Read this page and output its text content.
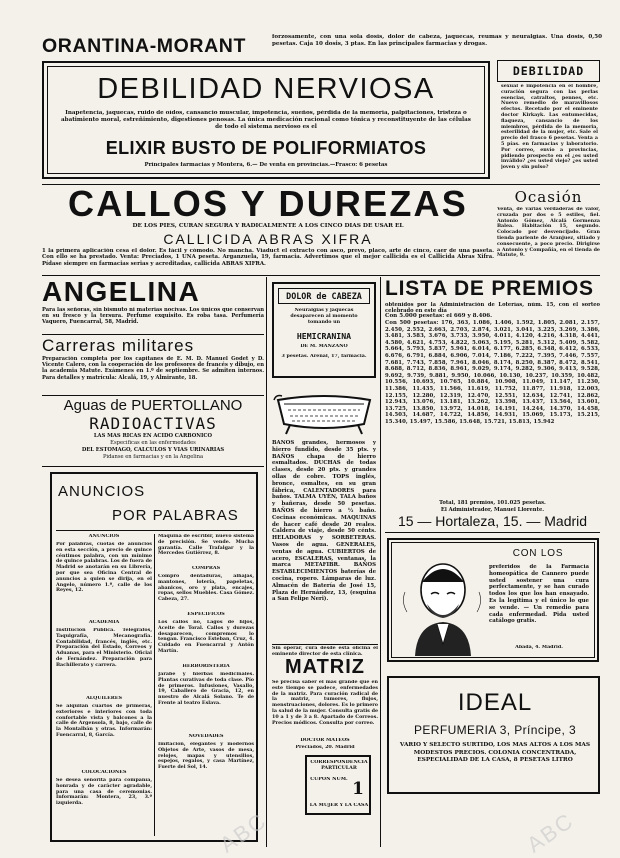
ORANTINA-MORANT	forzosamente, con una sola dosis, dolor de cabeza, jaquecas, reumas y neuralgias. Una dosis, 0,50 pesetas. Caja 10 dosis, 3 ptas. En las principales farmacias y drogas.
DEBILIDAD NERVIOSA
Inapetencia, jaquecas, ruido de oídos, cansancio muscular, impotencia, sueños, pérdida de la memoria, palpitaciones, tristeza o abatimiento moral, estreñimiento, digestiones penosas. La única medicación racional como tónica y reconstituyente de las células de todo el sistema nervioso es el
ELIXIR BUSTO DE POLIFORMIATOS
Principales farmacias y Montera, 6.— De venta en provincias.—Frasco: 6 pesetas
DEBILIDAD
sexual e impotencia en el hombre, curación segura con las perlas esencias, catraltos, pennes, etc. Nuevo remedio de maravillosos efectos. Recetado por el eminente doctor Kirkayk. Las entumecidas, flaqueza, cansancio de los miembros, pérdida de la memoria, esterilidad de la mujer, etc. Sale el precio del frasco 6 pesetas. Venta a 5 pías. en farmacias y laboratorio. Por correo, envío a provincias, pidiendo prospecto en el ¿es usted inválido? ¿es usted viejo? ¿es usted joven y sin pulso?
CALLOS Y DUREZAS
DE LOS PIES, CURAN SEGURA Y RADICALMENTE A LOS CINCO DIAS DE USAR EL
CALLICIDA ABRAS XIFRA
1 la primera aplicación cesa el dolor. Es fácil y cómodo. No mancha. Viaduct el extracto con asco, prevo, placo, arte de cinco, caer de una paseta. Con ello se ha prestado. Venta: Preciados, 1 UNA peseta. Arganzuela, 19, farmacia. Advertimos que el mejor callicida es el Callicida Abras Xifra. Pídase siempre en farmacias serias y acreditadas, callicida ABRAS XIFRA.
Ocasión
Venta, de varias verdaderas de valor, cruzada por dos o 5 estiles, fiel. Antonio Gómez, Alcalá Gormenza Balea. Habitación 15, segundo. Colocado por desvencijado. Gran tienda pariente de Aranjuez, sitiado y consecuente, a poco precio. Dirigirse a Antonio y Compañía, en el tienda de Matute, 9.
ANGELINA
Para las señoras, sin bismuto ni materias nocivas. Los únicos que conservan en su fresco y la tersura. Perfume exquisito. Es roba tasa. Perfumería Vaquero, Fuencarral, 58, Madrid.
Carreras militares
Preparación completa por los capitanes de E. M. D. Manuel Godet y D. Vicente Calero, con la cooperación de los profesores de francés y dibujo, en la academia Matute. Exámenes en 1.º de septiembre. Se admiten internos. Para detalles y matrícula: Alcalá, 19, y Almirante, 18.
Aguas de PUERTOLLANO
RADIOACTIVAS
LAS MAS RICAS EN ACIDO CARBONICO
Específicas en las enfermedades
DEL ESTOMAGO, CALCULOS Y VIAS URINARIAS
Pídanse en farmacias y en la Angelina
ANUNCIOS
POR PALABRAS
ANUNCIOS
Por palabras, cuotas de anuncios en esta sección, a precio de quince céntimos palabra, con un mínimo de quince palabras. Los de fuera de Madrid se anotarán en su Librería, por que sea Oficina Central de anuncios a quien se dirija, en el Angelo, número 1.º, calle de los Reyes, 12.
ACADEMIA
Institución Pública. Telégrafos, Taquigrafía, Mecanografía. Contabilidad, francés, inglés, etc. Preparación del Estado, Correos y Aduanas, para el Ministerio. Oficial de Fernández. Preparación para Bachillerato y carrera.
ALQUILERES
Se alquilan cuartos de primeras, exteriores e interiores con toda confortable vista y balcones a la calle de Argensola, 8, bajo, calle de la Montalbán y otras. Informarán: Fuencarral, 8, García.
COLOCACIONES
Se desea señorita para compañía, honrada y de carácter agradable, para una casa de ceremonias. Informarán: Montera, 23, 3.º izquierda.
Máquina de escribir, nuevo sistema de precisión. Se vende. Mucha garantía. Calle Trafalgar y la Mercedes Gutiérrez, 8.
COMPRAS
Compro dentaduras, alhajas, mantones, lotería, papeletas, abanicos, oro y plata, encajes, ropas, sellos Muebles. Casa Gómez. Cabeza, 27.
ESPECIFICOS
Los callos no, Lagos de hijos, Aceite de Toral. Callos y durezas desaparecen, compremos lo tengan. Francisco Esteban, Cruz, 4. Cuidado en Fuencarral y Antón Martín.
HERBORISTERIA
Jarabe y hierbas medicinales. Plantas curativas de toda clase. Pío de primeros. Infusiones, Vasallo, 19, Caballero de Gracia, 12, en nuestro de Alcalá Solano. Te de Frente al teatro Eslava.
NOVEDADES
Imitación, elegantes y modernos Objetos de Arte, vasos de mesa, relojes, mapas y utensilios, espejos, regalos, y casa Martínez, Fuerte del Sol, 14.
DOLOR de CABEZA
Neuralgias y jaquecas desaparecen al momento tomando un
HEMICRANINA
DE M. MANZANO
3 pesetas. Arenal, 17, farmacia.
BAÑOS grandes, hermosos y hierro fundido, desde 35 pts. y BAÑOS chapa de hierro esmaltados. DUCHAS de todas clases, desde 20 pts. y grandes ollas de cobre. TOPS inglés, bronce, esmaltes, en su gran fábrica, CALENTADORES para baños. TALMA UYÉN, TALA baños y bañeras, desde 50 pesetas. BAÑOS de hierro a ½ baño. Cocinas económicas. MAQUINAS de hacer café desde 20 reales. Caldera de viaje, desde 50 cénts. HELADORAS y SORBETERAS. Vasos de agua. GENERALES, ventas de agua. CUBIERTOS de acero, ESCALERAS, ventanas, la marca METAFIBR. BAÑOS ESTABLECIMIENTOS baterías de cocina, ropero. Lámparas de luz. Almacén de Batería de José 15, Plaza de Hernández, 13, (esquina a San Felipe Neri).
Sin operar, cura desde esta oficina el eminente director de esta clínica.
MATRIZ
Se precisa saber el mas grande que en este tiempo se padece, enfermedades de la matriz. Para curación radical de la matriz, tumores, flujos, menstruaciones, dolores. Es lo primero la salud de la mujer. Consulta gratis de 10 a 1 y de 3 a 8. Apartado de Correos. Precios módicos. Consulta por correo.
DOCTOR MATEOS
Preciados, 20. Madrid
CORRESPONDENCIA PARTICULAR
CUPON NUM. 1
LA MUJER Y LA CASA
LISTA DE PREMIOS
obtenidos por la Administración de Loterías, núm. 15, con el sorteo celebrado en este día
Con 5.000 pesetas: el 669 y 8.406.
Con 500 pesetas: 176, 363, 1.086, 1.406, 1.592, 1.805, 2.081, 2.157, 2.450, 2.552, 2.663, 2.703, 2.874, 3.021, 3.041, 3.225, 3.269, 3.386, 3.481, 3.583, 3.676, 3.733, 3.950, 4.011, 4.120, 4.216, 4.318, 4.441, 4.580, 4.621, 4.753, 4.822, 5.063, 5.195, 5.281, 5.312, 5.409, 5.582, 5.664, 5.793, 5.837, 5.961, 6.014, 6.177, 6.285, 6.348, 6.412, 6.533, 6.676, 6.791, 6.884, 6.906, 7.014, 7.186, 7.222, 7.395, 7.446, 7.557, 7.681, 7.743, 7.858, 7.961, 8.046, 8.174, 8.250, 8.387, 8.472, 8.541, 8.688, 8.712, 8.836, 8.961, 9.029, 9.174, 9.282, 9.306, 9.413, 9.528, 9.692, 9.739, 9.881, 9.950, 10.066, 10.130, 10.237, 10.359, 10.482, 10.556, 10.693, 10.765, 10.884, 10.908, 11.049, 11.147, 11.230, 11.386, 11.435, 11.566, 11.619, 11.752, 11.877, 11.918, 12.003, 12.155, 12.280, 12.319, 12.470, 12.551, 12.634, 12.741, 12.862, 12.943, 13.076, 13.181, 13.262, 13.398, 13.437, 13.564, 13.601, 13.725, 13.850, 13.972, 14.018, 14.191, 14.244, 14.370, 14.458, 14.503, 14.687, 14.722, 14.856, 14.931, 15.069, 15.173, 15.215, 15.340, 15.497, 15.586, 15.648, 15.721, 15.813, 15.942
Total, 181 premios, 101.025 pesetas.
El Administrador, Manuel Llorente.
15 — Hortaleza, 15. — Madrid
CON LOS
preferidos de la Farmacia homeopática de Cannero puede usted sostener una cura perfectamente, y se han curado todos los que los han ensayado. Es la legítima y el único lo que se vende. — Un remedio para cada enfermedad. Pida usted catálogo gratis.
Abada, 4. Madrid.
IDEAL
PERFUMERIA 3, Príncipe, 3
VARIO Y SELECTO SURTIDO, LOS MAS ALTOS A LOS MAS MODESTOS PRECIOS. COLONIA CONCENTRADA, ESPECIALIDAD DE LA CASA, 8 PESETAS LITRO
ABC	ABC
